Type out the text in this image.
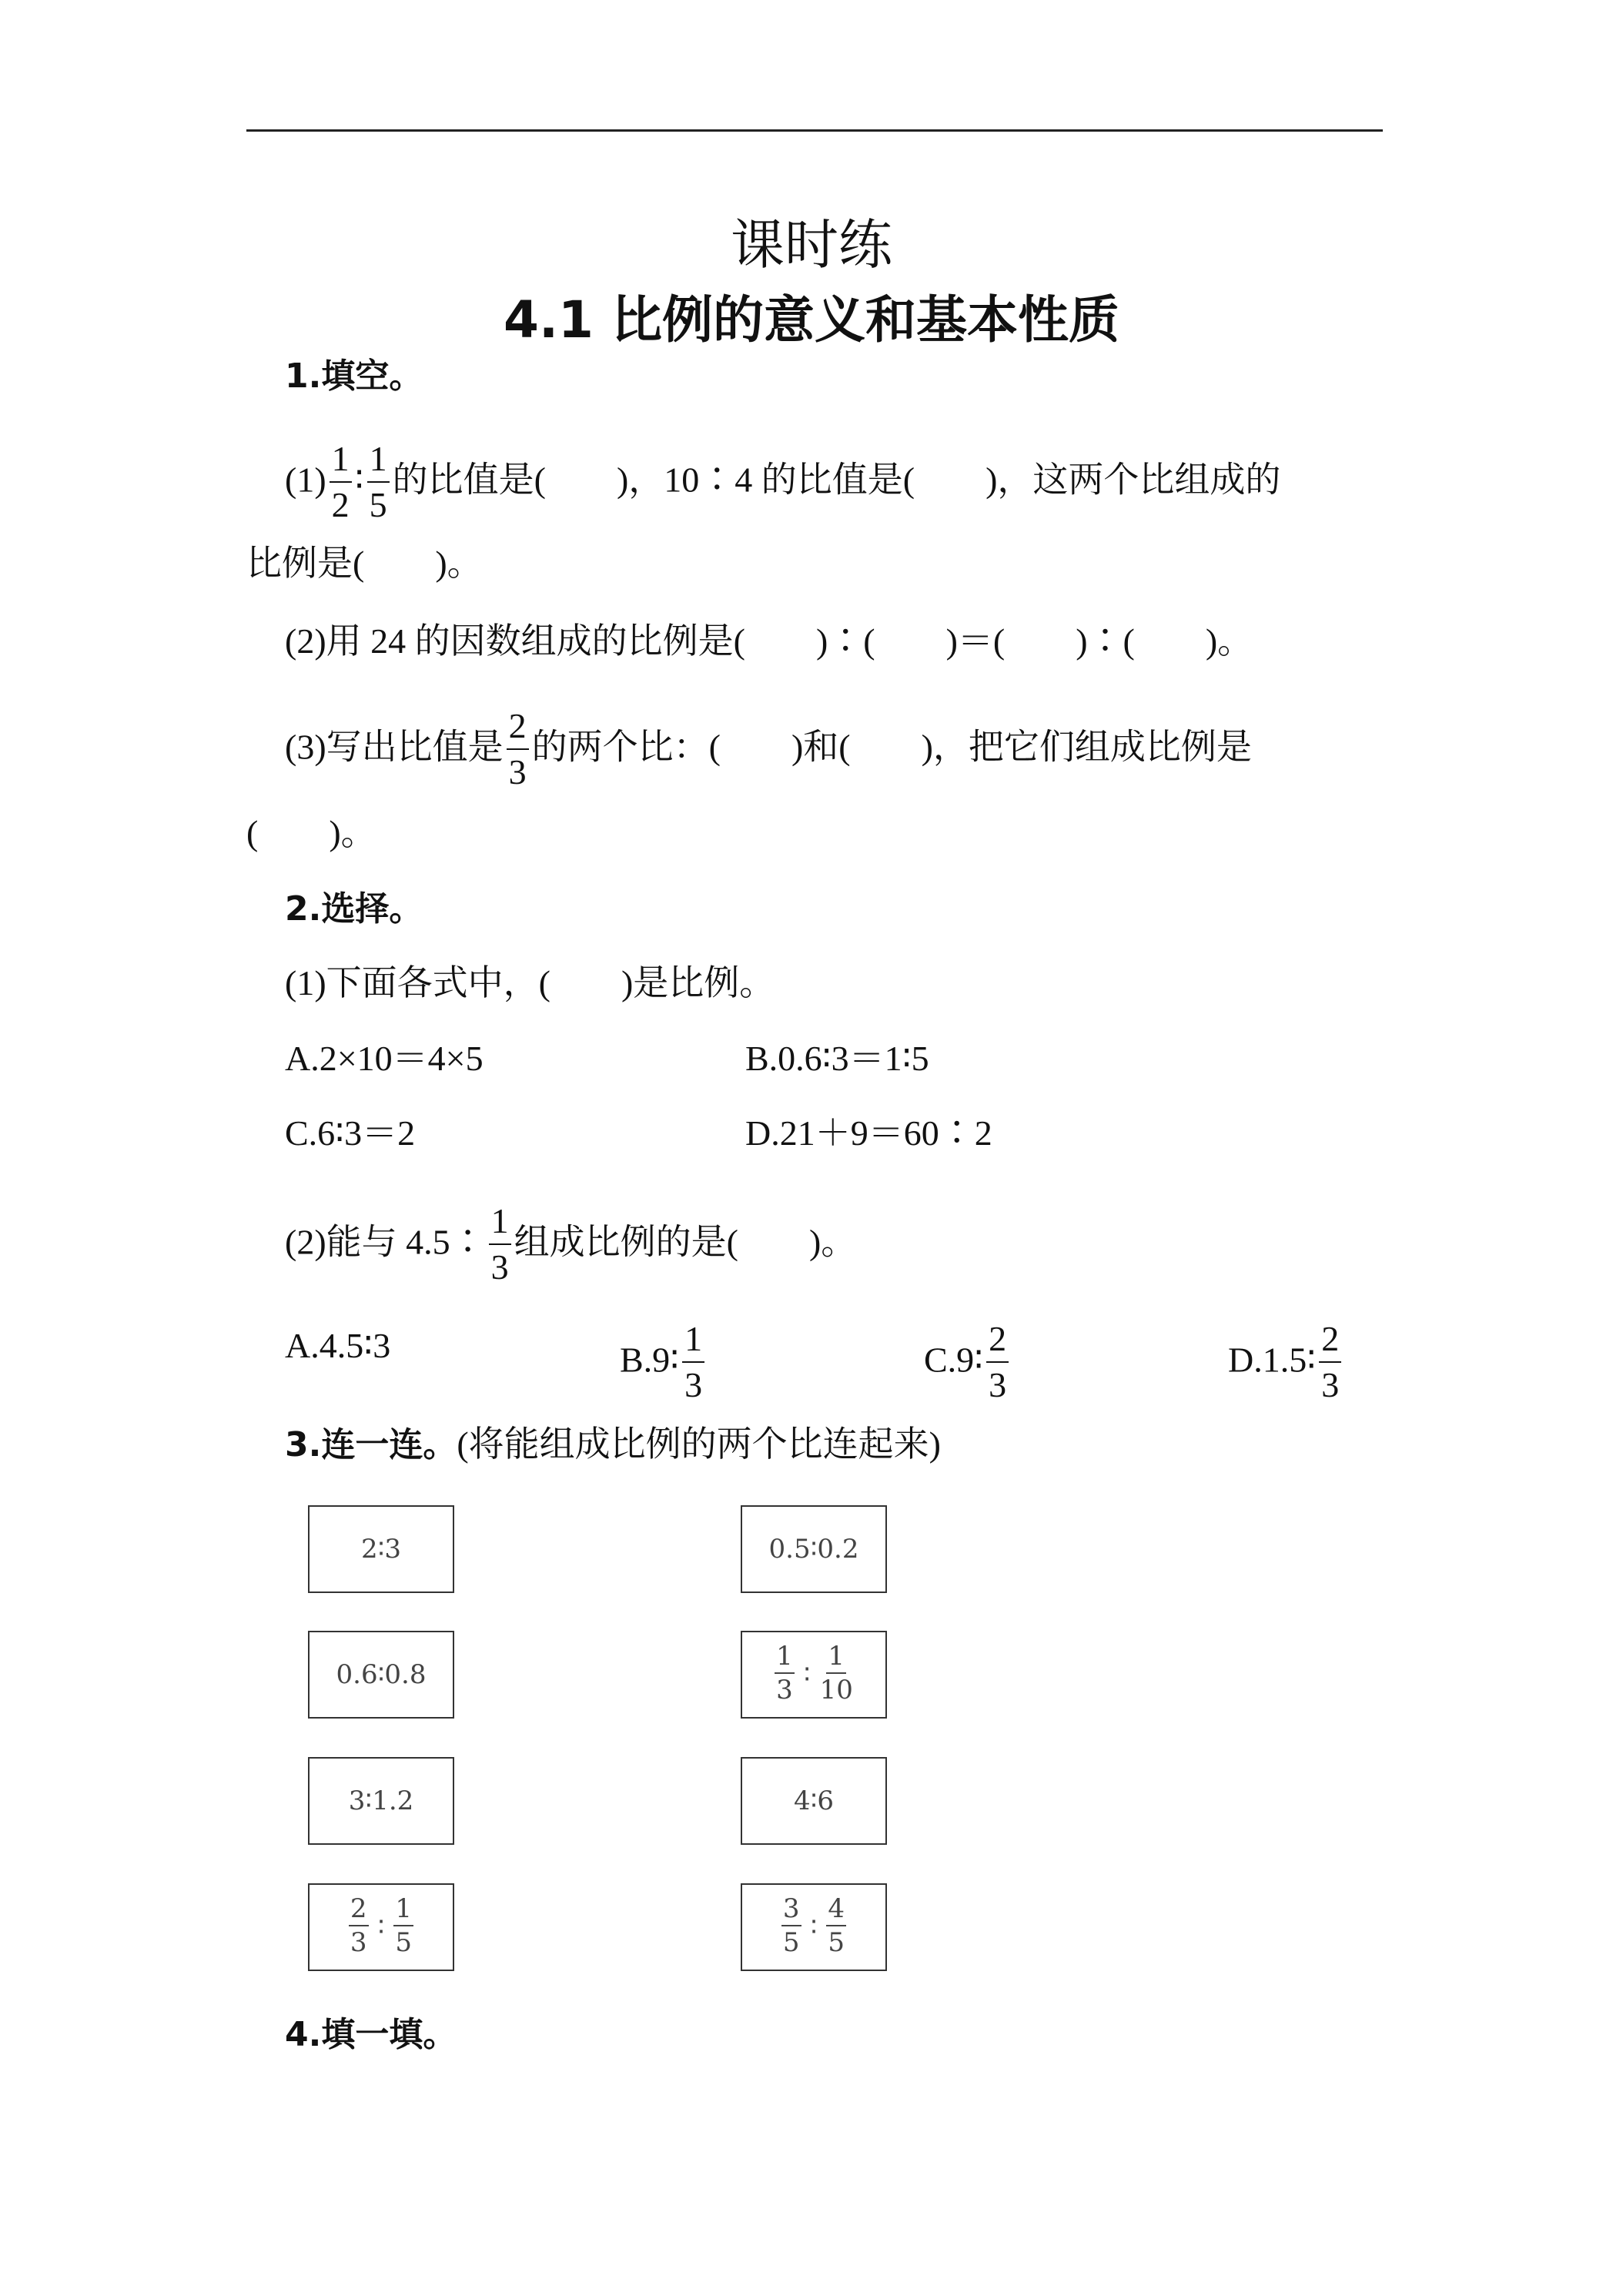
课时练
4.1 比例的意义和基本性质
1.填空。
$(1) \frac{1}{2}$ ∶ $\frac{1}{5}$ 的比值是(　　)，10∶4 的比值是(　　)，这两个比组成的
比例是(　　)。
(2)用 24 的因数组成的比例是(　　)∶(　　)＝(　　)∶(　　)。
(3)写出比值是 $\frac{2}{3}$ 的两个比：(　　)和(　　)，把它们组成比例是
(　　)。
2.选择。
(1)下面各式中，(　　)是比例。
A.2×10＝4×5	B.0.6∶3＝1∶5
C.6∶3＝2	D.21＋9＝60∶2
(2)能与 4.5∶ $\frac{1}{3}$ 组成比例的是(　　)。
A.4.5∶3	B.9∶ $\frac{1}{3}$	C.9∶ $\frac{2}{3}$	D.1.5∶ $\frac{2}{3}$
3.连一连。(将能组成比例的两个比连起来)
2∶3
0.6∶0.8
3∶1.2
$\frac{2}{3}$ ∶ $\frac{1}{5}$
0.5∶0.2
$\frac{1}{3}$ ∶ $\frac{1}{10}$
4∶6
$\frac{3}{5}$ ∶ $\frac{4}{5}$
4.填一填。
